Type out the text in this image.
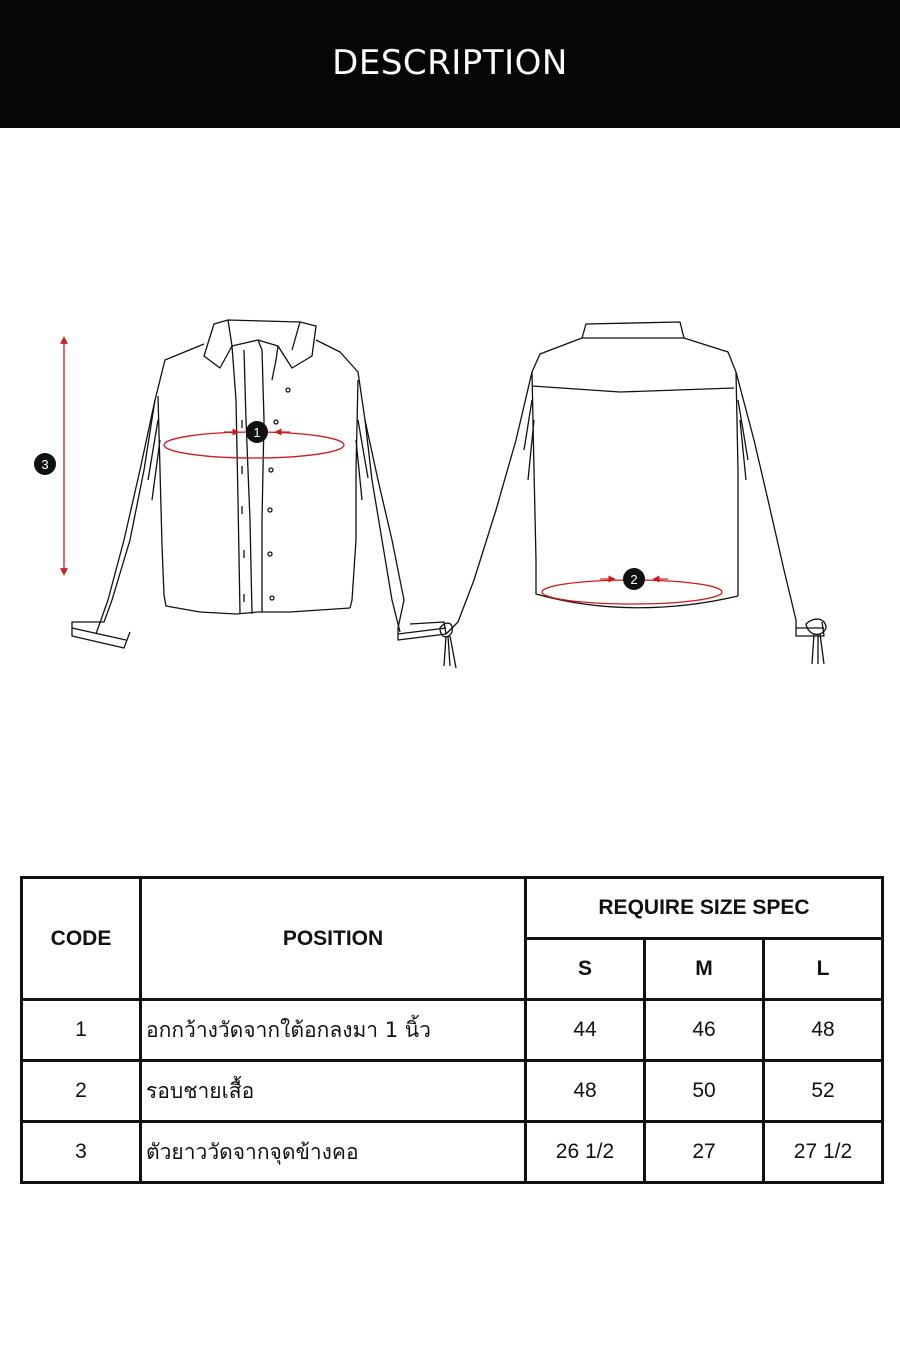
DESCRIPTION
1
2
3
CODE	POSITION	REQUIRE SIZE SPEC		
		S	M	L
1	อกกว้างวัดจากใต้อกลงมา 1 นิ้ว	44	46	48
2	รอบชายเสื้อ	48	50	52
3	ตัวยาววัดจากจุดข้างคอ	26 1/2	27	27 1/2
